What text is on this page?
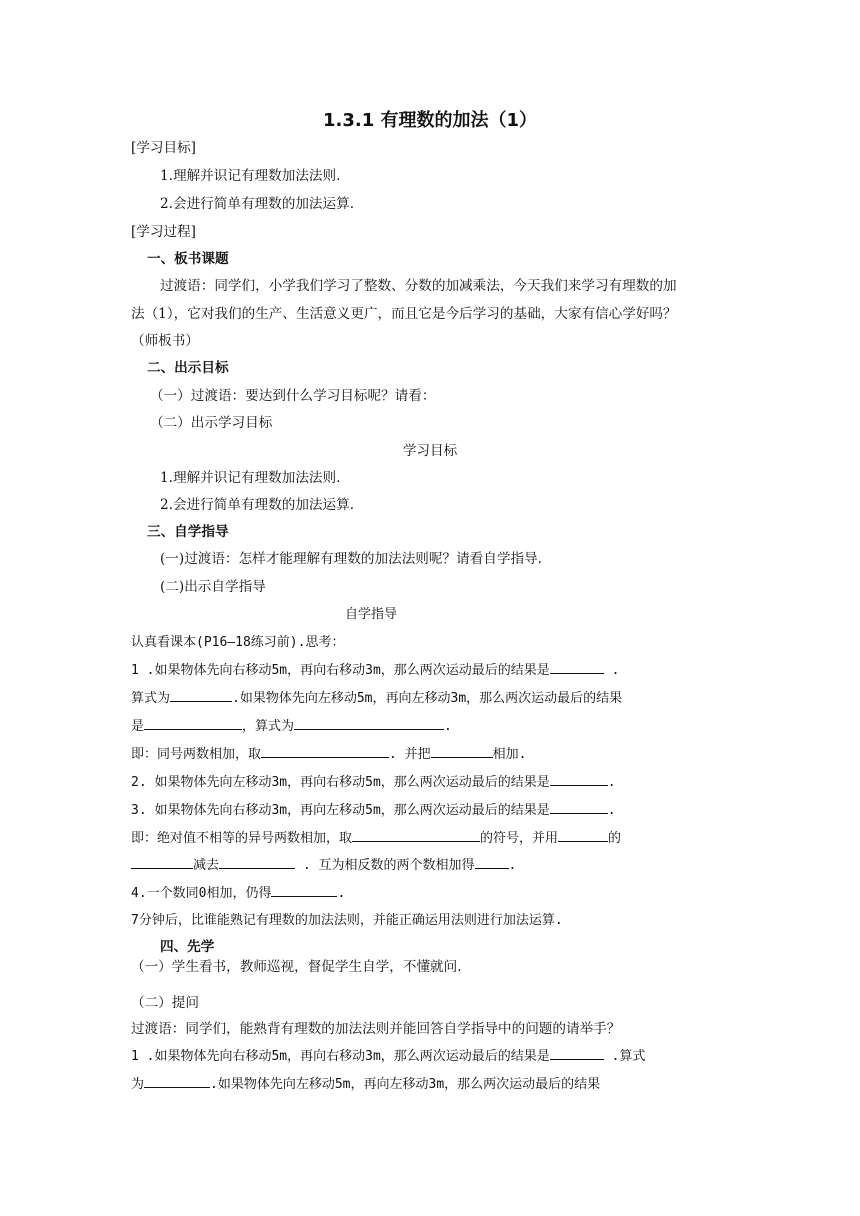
1.3.1 有理数的加法（1）
[学习目标]
1.理解并识记有理数加法法则.
2.会进行简单有理数的加法运算.
[学习过程]
一、板书课题
过渡语：同学们，小学我们学习了整数、分数的加减乘法，今天我们来学习有理数的加
法（1），它对我们的生产、生活意义更广，而且它是今后学习的基础，大家有信心学好吗？
（师板书）
二、出示目标
（一）过渡语：要达到什么学习目标呢？请看：
（二）出示学习目标
学习目标
1.理解并识记有理数加法法则.
2.会进行简单有理数的加法运算.
三、自学指导
(一)过渡语：怎样才能理解有理数的加法法则呢？请看自学指导.
(二)出示自学指导
自学指导
认真看课本(P16—18练习前).思考：
1 .如果物体先向右移动5m，再向右移动3m，那么两次运动最后的结果是	.
算式为	.如果物体先向左移动5m，再向左移动3m，那么两次运动最后的结果
是	，算式为	.
即：同号两数相加，取	. 并把	相加.
2. 如果物体先向左移动3m，再向右移动5m，那么两次运动最后的结果是	.
3. 如果物体先向右移动3m，再向左移动5m，那么两次运动最后的结果是	.
即：绝对值不相等的异号两数相加，取	的符号，并用	的
减去	. 互为相反数的两个数相加得	.
4.一个数同0相加，仍得	.
7分钟后，比谁能熟记有理数的加法法则，并能正确运用法则进行加法运算.
四、先学
（一）学生看书，教师巡视，督促学生自学，不懂就问.
（二）提问
过渡语：同学们，能熟背有理数的加法法则并能回答自学指导中的问题的请举手？
1 .如果物体先向右移动5m，再向右移动3m，那么两次运动最后的结果是	.算式
为	.如果物体先向左移动5m，再向左移动3m，那么两次运动最后的结果
